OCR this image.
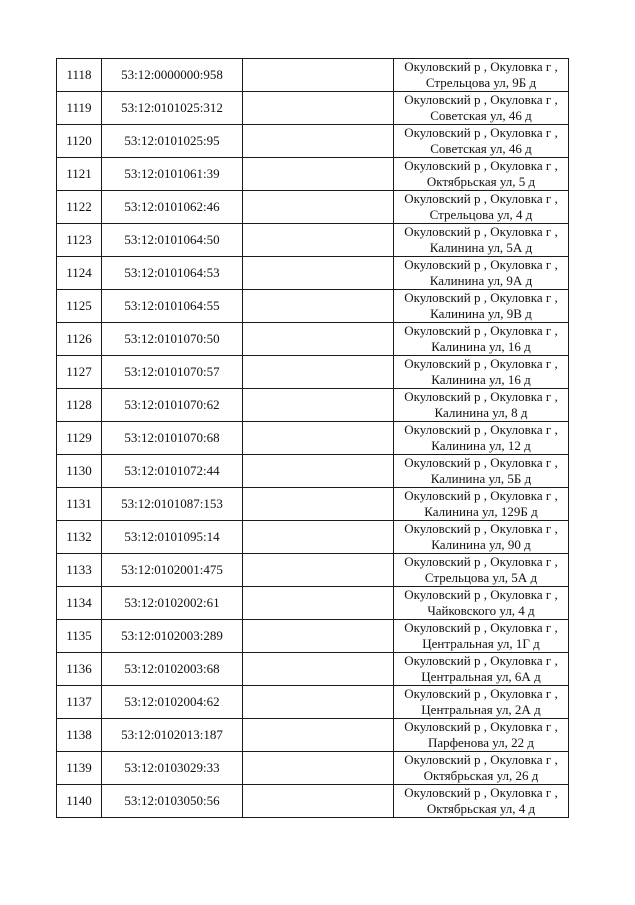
1118	53:12:0000000:958		Окуловский р , Окуловка г ,
Стрельцова ул, 9Б д

1119	53:12:0101025:312		Окуловский р , Окуловка г ,
Советская ул, 46 д

1120	53:12:0101025:95		Окуловский р , Окуловка г ,
Советская ул, 46 д

1121	53:12:0101061:39		Окуловский р , Окуловка г ,
Октябрьская ул, 5 д

1122	53:12:0101062:46		Окуловский р , Окуловка г ,
Стрельцова ул, 4 д

1123	53:12:0101064:50		Окуловский р , Окуловка г ,
Калинина ул, 5А д

1124	53:12:0101064:53		Окуловский р , Окуловка г ,
Калинина ул, 9А д

1125	53:12:0101064:55		Окуловский р , Окуловка г ,
Калинина ул, 9В д

1126	53:12:0101070:50		Окуловский р , Окуловка г ,
Калинина ул, 16 д

1127	53:12:0101070:57		Окуловский р , Окуловка г ,
Калинина ул, 16 д

1128	53:12:0101070:62		Окуловский р , Окуловка г ,
Калинина ул, 8 д

1129	53:12:0101070:68		Окуловский р , Окуловка г ,
Калинина ул, 12 д

1130	53:12:0101072:44		Окуловский р , Окуловка г ,
Калинина ул, 5Б д

1131	53:12:0101087:153		Окуловский р , Окуловка г ,
Калинина ул, 129Б д

1132	53:12:0101095:14		Окуловский р , Окуловка г ,
Калинина ул, 90 д

1133	53:12:0102001:475		Окуловский р , Окуловка г ,
Стрельцова ул, 5А д

1134	53:12:0102002:61		Окуловский р , Окуловка г ,
Чайковского ул, 4 д

1135	53:12:0102003:289		Окуловский р , Окуловка г ,
Центральная ул, 1Г д

1136	53:12:0102003:68		Окуловский р , Окуловка г ,
Центральная ул, 6А д

1137	53:12:0102004:62		Окуловский р , Окуловка г ,
Центральная ул, 2А д

1138	53:12:0102013:187		Окуловский р , Окуловка г ,
Парфенова ул, 22 д

1139	53:12:0103029:33		Окуловский р , Окуловка г ,
Октябрьская ул, 26 д

1140	53:12:0103050:56		Окуловский р , Окуловка г ,
Октябрьская ул, 4 д
